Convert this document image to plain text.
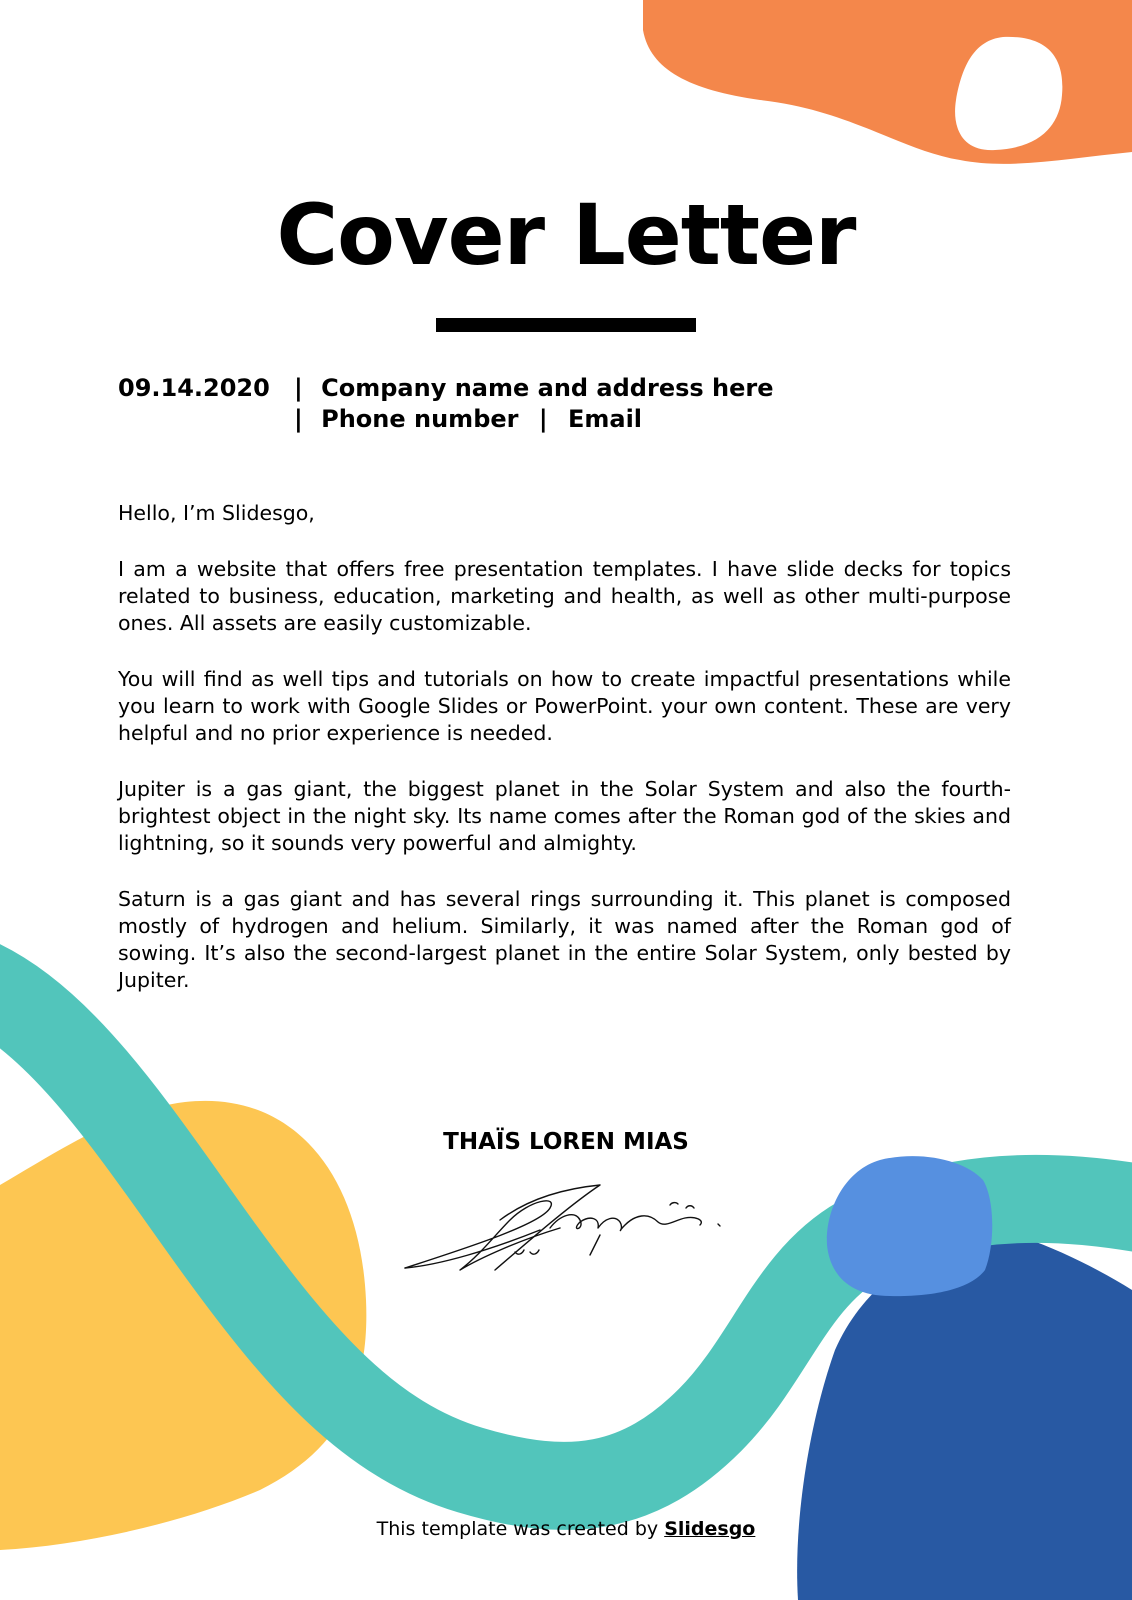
Cover Letter
09.14.2020 | Company name and address here
| Phone number | Email

Hello, I’m Slidesgo,

I am a website that offers free presentation templates. I have slide decks for topics related to business, education, marketing and health, as well as other multi-purpose ones. All assets are easily customizable.

You will find as well tips and tutorials on how to create impactful presentations while you learn to work with Google Slides or PowerPoint. your own content. These are very helpful and no prior experience is needed.

Jupiter is a gas giant, the biggest planet in the Solar System and also the fourth-brightest object in the night sky. Its name comes after the Roman god of the skies and lightning, so it sounds very powerful and almighty.

Saturn is a gas giant and has several rings surrounding it. This planet is composed mostly of hydrogen and helium. Similarly, it was named after the Roman god of sowing. It’s also the second-largest planet in the entire Solar System, only bested by Jupiter.

THAÏS LOREN MIAS
This template was created by Slidesgo
